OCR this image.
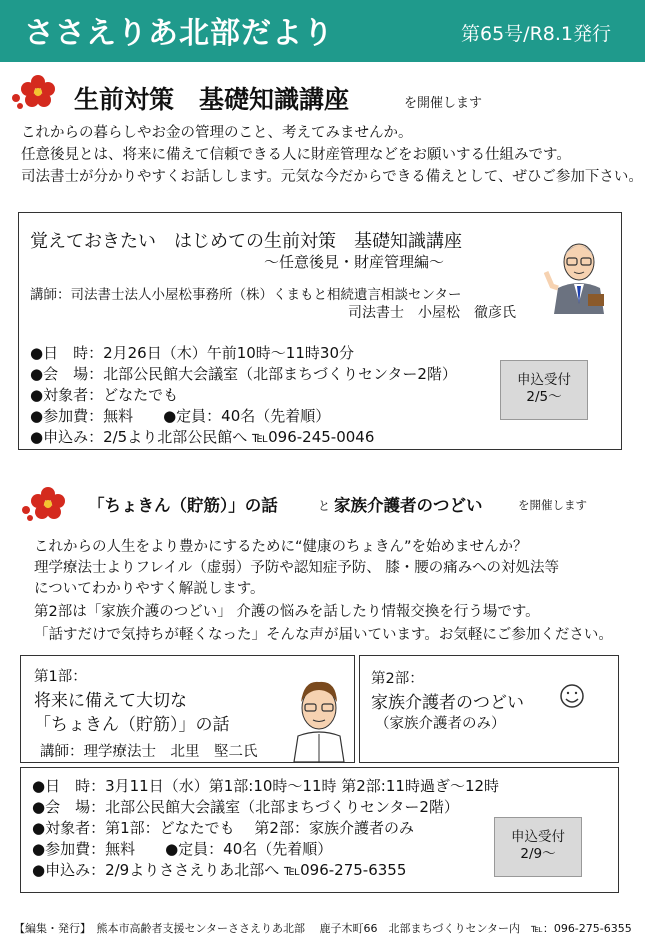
ささえりあ北部だより	第65号/R8.1発行
生前対策　基礎知識講座	を開催します
これからの暮らしやお金の管理のこと、考えてみませんか。
任意後見とは、将来に備えて信頼できる人に財産管理などをお願いする仕組みです。
司法書士が分かりやすくお話しします。元気な今だからできる備えとして、ぜひご参加下さい。
覚えておきたい　はじめての生前対策　基礎知識講座
～任意後見・財産管理編～
講師：司法書士法人小屋松事務所（株）くまもと相続遺言相談センター
司法書士　小屋松　徹彦氏
●日　時：2月26日（木）午前10時～11時30分
●会　場：北部公民館大会議室（北部まちづくりセンター2階）
●対象者：どなたでも
●参加費：無料　　●定員：40名（先着順）
●申込み：2/5より北部公民館へ ℡096-245-0046
申込受付
2/5～
「ちょきん（貯筋）」の話	と 家族介護者のつどい	を開催します
これからの人生をより豊かにするために“健康のちょきん”を始めませんか？
理学療法士よりフレイル（虚弱）予防や認知症予防、 膝・腰の痛みへの対処法等
についてわかりやすく解説します。
第2部は「家族介護のつどい」 介護の悩みを話したり情報交換を行う場です。
「話すだけで気持ちが軽くなった」そんな声が届いています。お気軽にご参加ください。
第1部：
将来に備えて大切な
「ちょきん（貯筋）」の話
講師：理学療法士　北里　堅二氏
第2部：
家族介護者のつどい
（家族介護者のみ）
●日　時：3月11日（水）第1部:10時～11時 第2部:11時過ぎ～12時
●会　場：北部公民館大会議室（北部まちづくりセンター2階）
●対象者：第1部：どなたでも　 第2部：家族介護者のみ
●参加費：無料　　●定員：40名（先着順）
●申込み：2/9よりささえりあ北部へ ℡096-275-6355
申込受付
2/9～
【編集・発行】　熊本市高齢者支援センターささえりあ北部　 鹿子木町66　北部まちづくりセンター内　℡：096-275-6355
